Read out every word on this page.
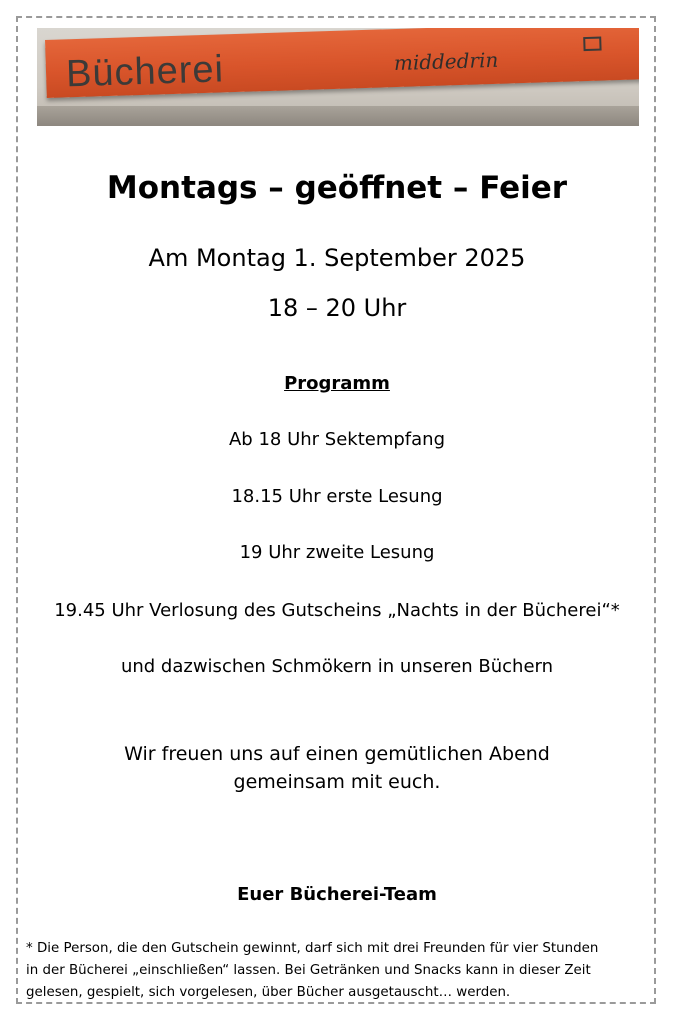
Bücherei	middedrin
Montags – geöffnet – Feier
Am Montag 1. September 2025
18 – 20 Uhr
Programm
Ab 18 Uhr Sektempfang
18.15 Uhr erste Lesung
19 Uhr zweite Lesung
19.45 Uhr Verlosung des Gutscheins „Nachts in der Bücherei“*
und dazwischen Schmökern in unseren Büchern
Wir freuen uns auf einen gemütlichen Abend
gemeinsam mit euch.
Euer Bücherei-Team
* Die Person, die den Gutschein gewinnt, darf sich mit drei Freunden für vier Stunden
in der Bücherei „einschließen“ lassen. Bei Getränken und Snacks kann in dieser Zeit
gelesen, gespielt, sich vorgelesen, über Bücher ausgetauscht… werden.
